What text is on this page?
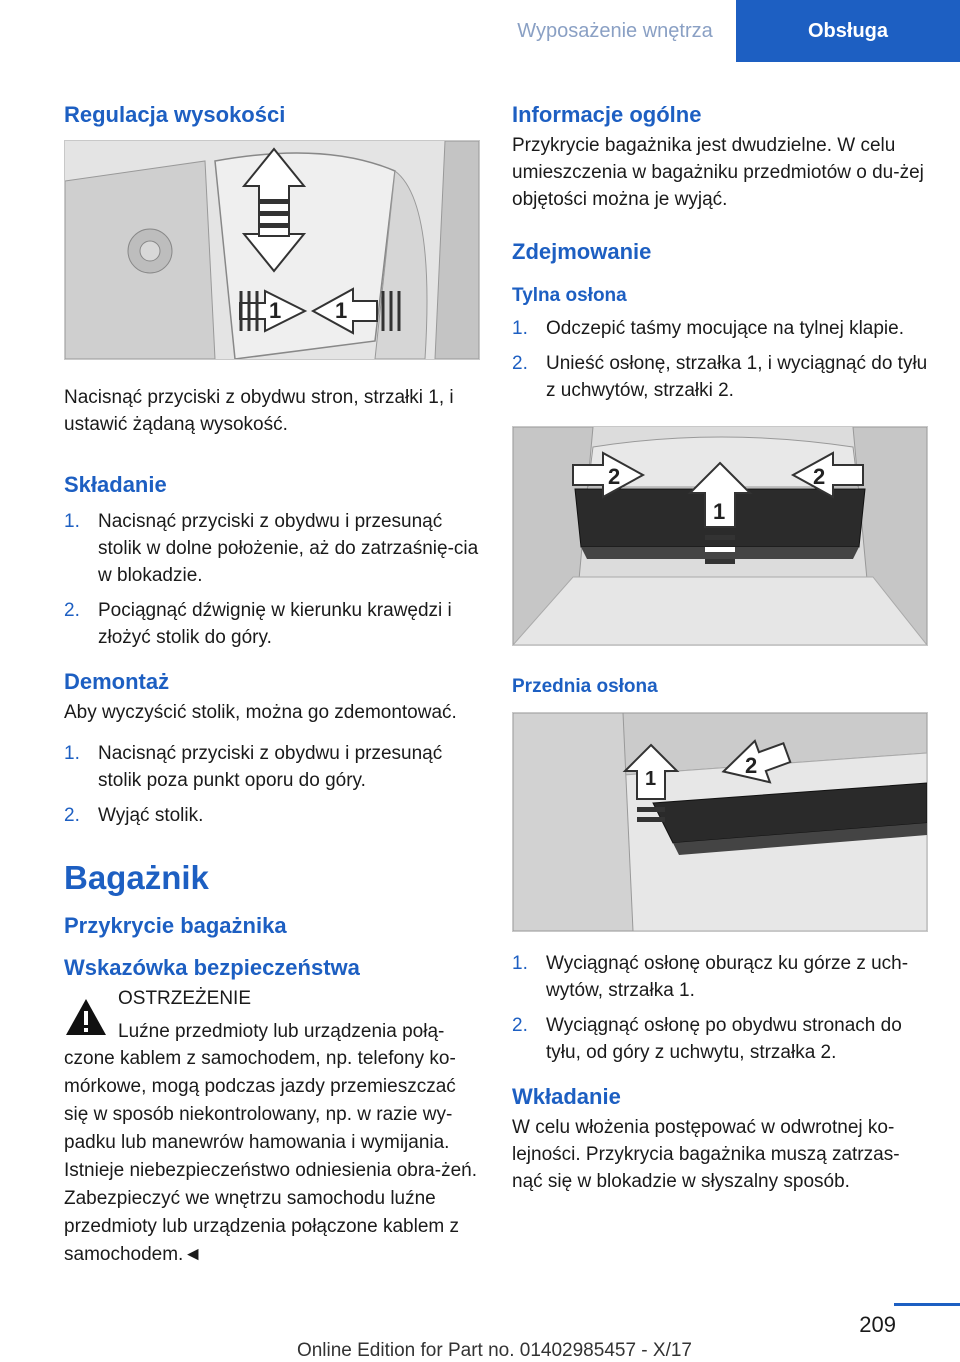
Wyposażenie wnętrza	Obsługa
Regulacja wysokości
1 1

Nacisnąć przyciski z obydwu stron, strzałki 1, i ustawić żądaną wysokość.

Składanie
1. Nacisnąć przyciski z obydwu i przesunąć stolik w dolne położenie, aż do zatrzaśnię-cia w blokadzie.
2. Pociągnąć dźwignię w kierunku krawędzi i złożyć stolik do góry.
Demontaż

Aby wyczyścić stolik, można go zdemontować.

1. Nacisnąć przyciski z obydwu i przesunąć stolik poza punkt oporu do góry.
2. Wyjąć stolik.
Bagażnik
Przykrycie bagażnika
Wskazówka bezpieczeństwa
OSTRZEŻENIE
Luźne przedmioty lub urządzenia połą-
czone kablem z samochodem, np. telefony ko-mórkowe, mogą podczas jazdy przemieszczać się w sposób niekontrolowany, np. w razie wy-padku lub manewrów hamowania i wymijania. Istnieje niebezpieczeństwo odniesienia obra-żeń. Zabezpieczyć we wnętrzu samochodu luźne przedmioty lub urządzenia połączone kablem z samochodem.◄
Informacje ogólne

Przykrycie bagażnika jest dwudzielne. W celu umieszczenia w bagażniku przedmiotów o du-żej objętości można je wyjąć.

Zdejmowanie
Tylna osłona
1. Odczepić taśmy mocujące na tylnej klapie.
2. Unieść osłonę, strzałka 1, i wyciągnąć do tyłu z uchwytów, strzałki 2.
2
1
2
Przednia osłona
1
2
1. Wyciągnąć osłonę oburącz ku górze z uch-wytów, strzałka 1.
2. Wyciągnąć osłonę po obydwu stronach do tyłu, od góry z uchwytu, strzałka 2.
Wkładanie

W celu włożenia postępować w odwrotnej ko-lejności. Przykrycia bagażnika muszą zatrzas-nąć się w blokadzie w słyszalny sposób.

209
Online Edition for Part no. 01402985457 - X/17
